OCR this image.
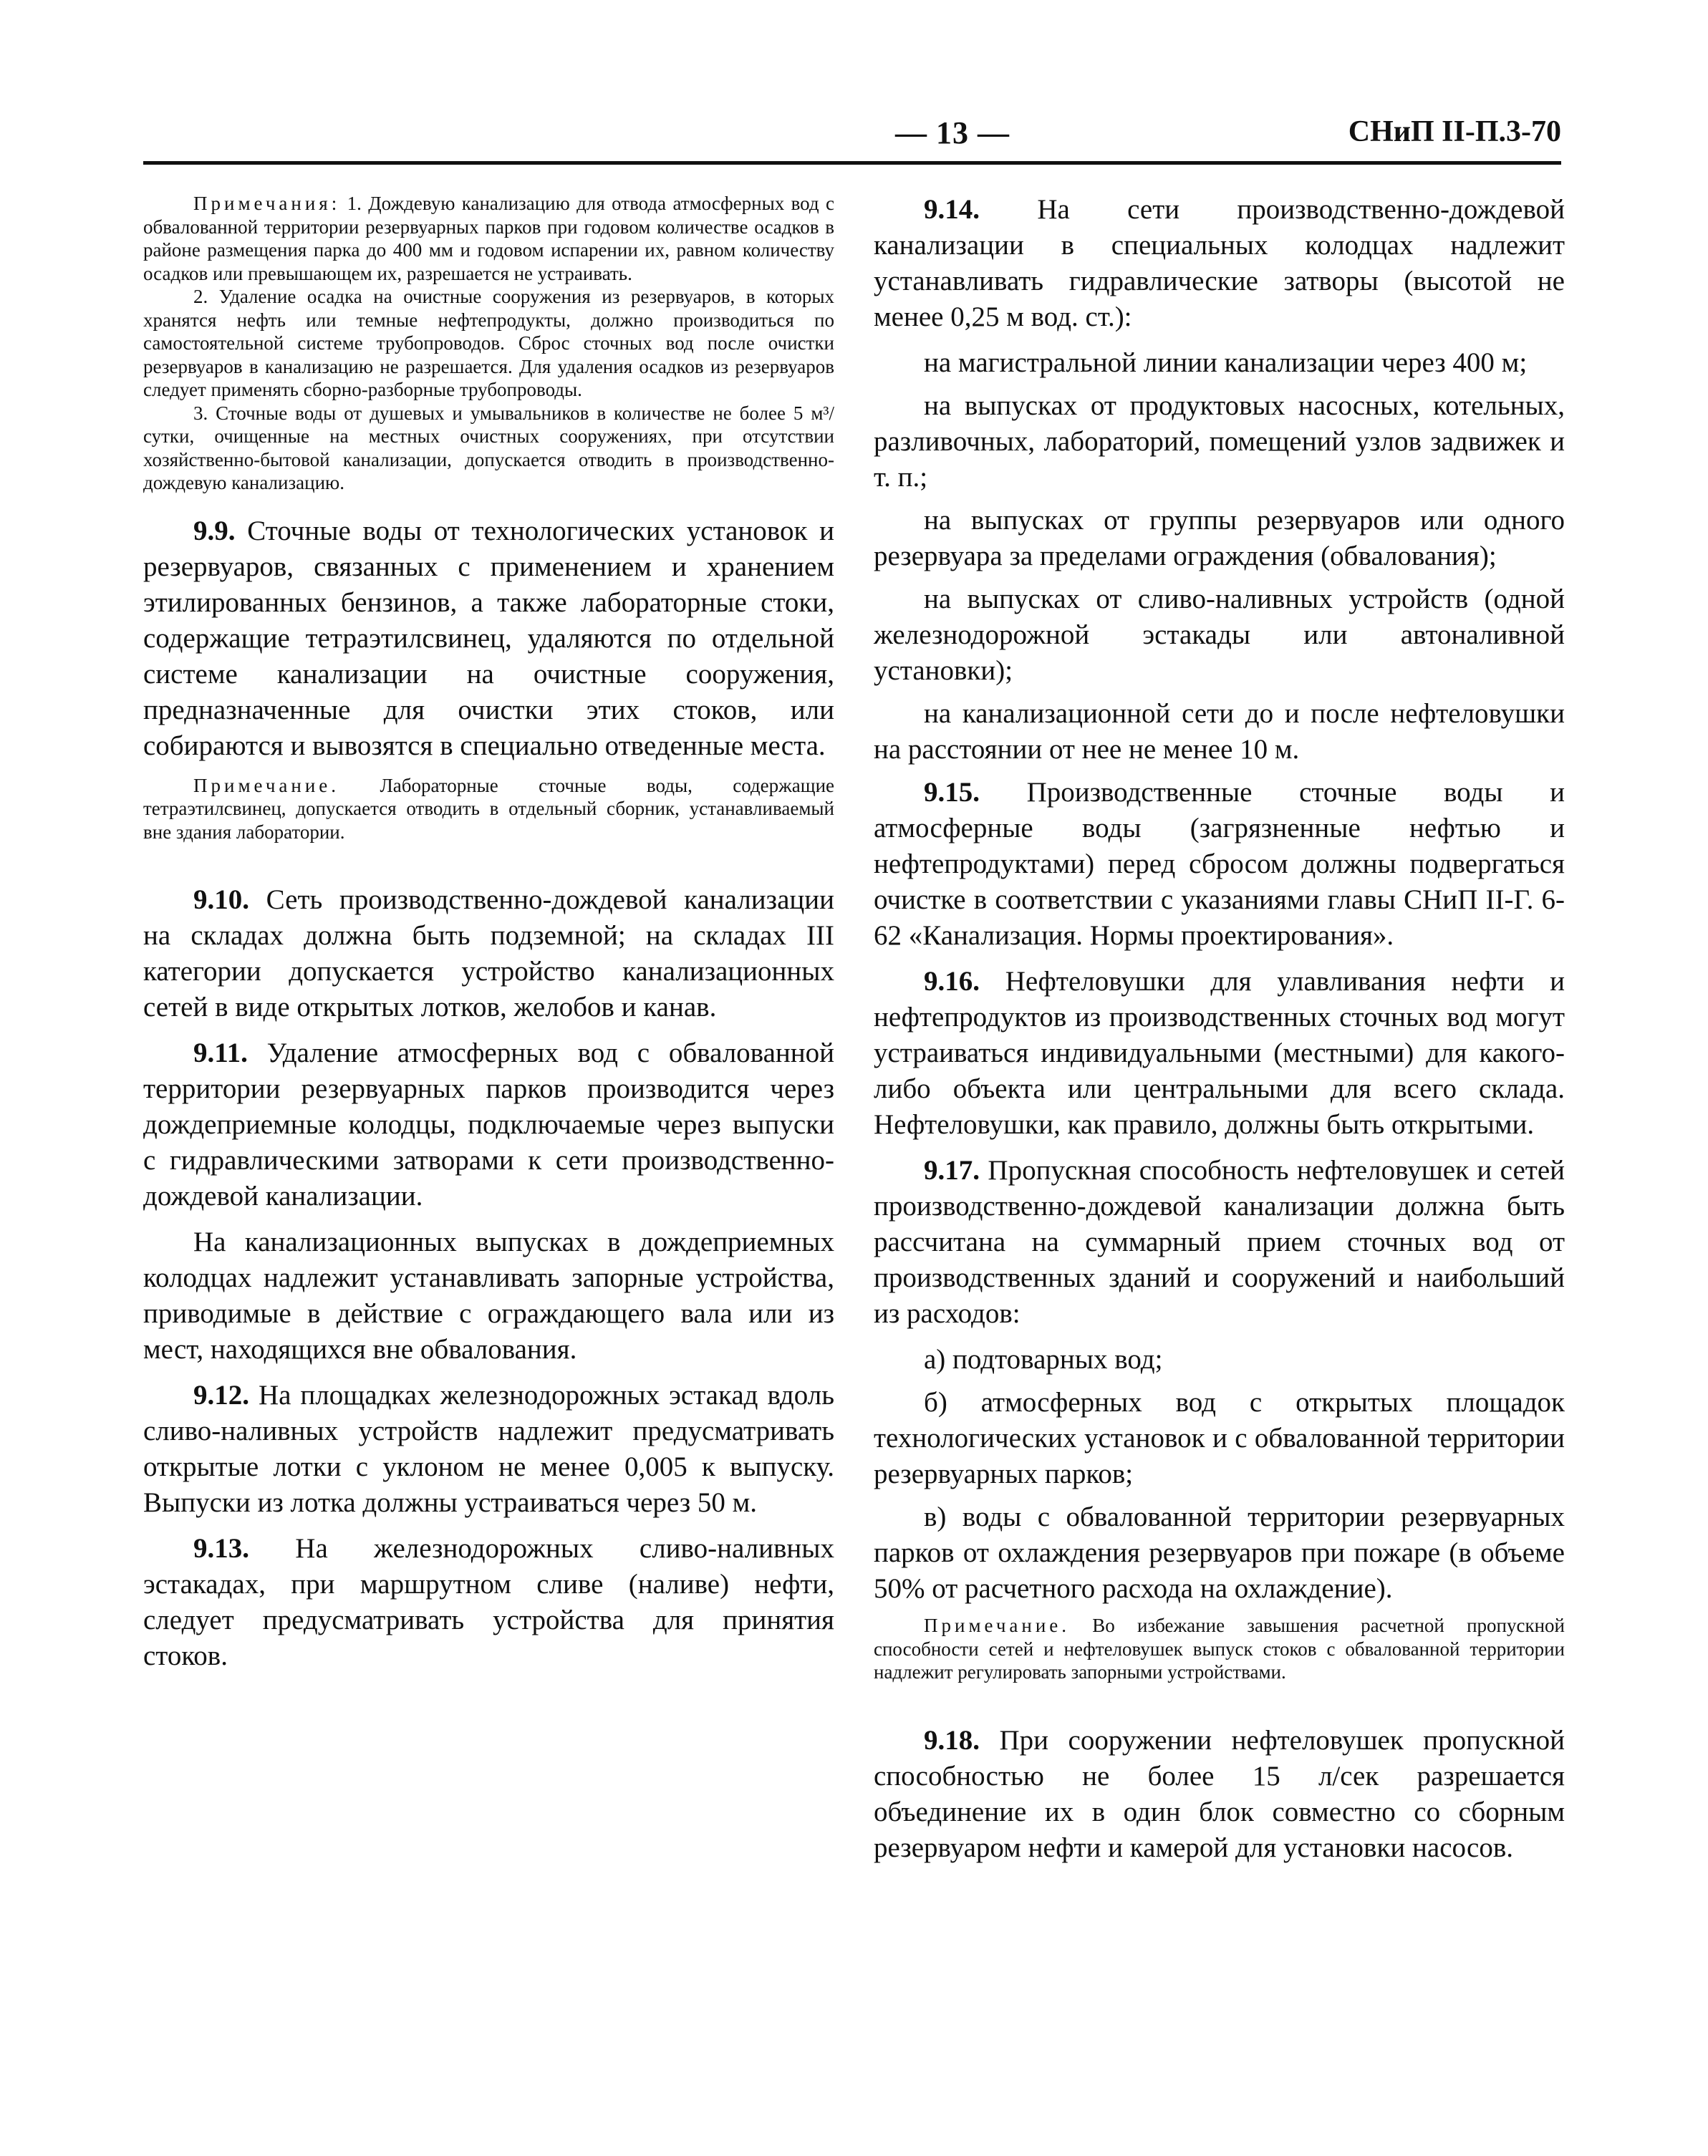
— 13 —	СНиП II-П.3-70

Примечания: 1. Дождевую канализацию для отвода атмосферных вод с обвалованной территории резервуарных парков при годовом количестве осадков в районе размещения парка до 400 мм и годовом испарении их, равном количеству осадков или превышающем их, разрешается не устраивать.

2. Удаление осадка на очистные сооружения из резервуаров, в которых хранятся нефть или темные нефтепродукты, должно производиться по самостоятельной системе трубопроводов. Сброс сточных вод после очистки резервуаров в канализацию не разрешается. Для удаления осадков из резервуаров следует применять сборно-разборные трубопроводы.

3. Сточные воды от душевых и умывальников в количестве не более 5 м³/сутки, очищенные на местных очистных сооружениях, при отсутствии хозяйственно-бытовой канализации, допускается отводить в производственно-дождевую канализацию.

9.9. Сточные воды от технологических установок и резервуаров, связанных с применением и хранением этилированных бензинов, а также лабораторные стоки, содержащие тетраэтилсвинец, удаляются по отдельной системе канализации на очистные сооружения, предназначенные для очистки этих стоков, или собираются и вывозятся в специально отведенные места.

Примечание. Лабораторные сточные воды, содержащие тетраэтилсвинец, допускается отводить в отдельный сборник, устанавливаемый вне здания лаборатории.

9.10. Сеть производственно-дождевой канализации на складах должна быть подземной; на складах III категории допускается устройство канализационных сетей в виде открытых лотков, желобов и канав.

9.11. Удаление атмосферных вод с обвалованной территории резервуарных парков производится через дождеприемные колодцы, подключаемые через выпуски с гидравлическими затворами к сети производственно-дождевой канализации.

На канализационных выпусках в дождеприемных колодцах надлежит устанавливать запорные устройства, приводимые в действие с ограждающего вала или из мест, находящихся вне обвалования.

9.12. На площадках железнодорожных эстакад вдоль сливо-наливных устройств надлежит предусматривать открытые лотки с уклоном не менее 0,005 к выпуску. Выпуски из лотка должны устраиваться через 50 м.

9.13. На железнодорожных сливо-наливных эстакадах, при маршрутном сливе (наливе) нефти, следует предусматривать устройства для принятия стоков.

9.14. На сети производственно-дождевой канализации в специальных колодцах надлежит устанавливать гидравлические затворы (высотой не менее 0,25 м вод. ст.):

на магистральной линии канализации через 400 м;

на выпусках от продуктовых насосных, котельных, разливочных, лабораторий, помещений узлов задвижек и т. п.;

на выпусках от группы резервуаров или одного резервуара за пределами ограждения (обвалования);

на выпусках от сливо-наливных устройств (одной железнодорожной эстакады или автоналивной установки);

на канализационной сети до и после нефтеловушки на расстоянии от нее не менее 10 м.

9.15. Производственные сточные воды и атмосферные воды (загрязненные нефтью и нефтепродуктами) перед сбросом должны подвергаться очистке в соответствии с указаниями главы СНиП II-Г. 6-62 «Канализация. Нормы проектирования».

9.16. Нефтеловушки для улавливания нефти и нефтепродуктов из производственных сточных вод могут устраиваться индивидуальными (местными) для какого-либо объекта или центральными для всего склада. Нефтеловушки, как правило, должны быть открытыми.

9.17. Пропускная способность нефтеловушек и сетей производственно-дождевой канализации должна быть рассчитана на суммарный прием сточных вод от производственных зданий и сооружений и наибольший из расходов:

а) подтоварных вод;

б) атмосферных вод с открытых площадок технологических установок и с обвалованной территории резервуарных парков;

в) воды с обвалованной территории резервуарных парков от охлаждения резервуаров при пожаре (в объеме 50% от расчетного расхода на охлаждение).

Примечание. Во избежание завышения расчетной пропускной способности сетей и нефтеловушек выпуск стоков с обвалованной территории надлежит регулировать запорными устройствами.

9.18. При сооружении нефтеловушек пропускной способностью не более 15 л/сек разрешается объединение их в один блок совместно со сборным резервуаром нефти и камерой для установки насосов.
